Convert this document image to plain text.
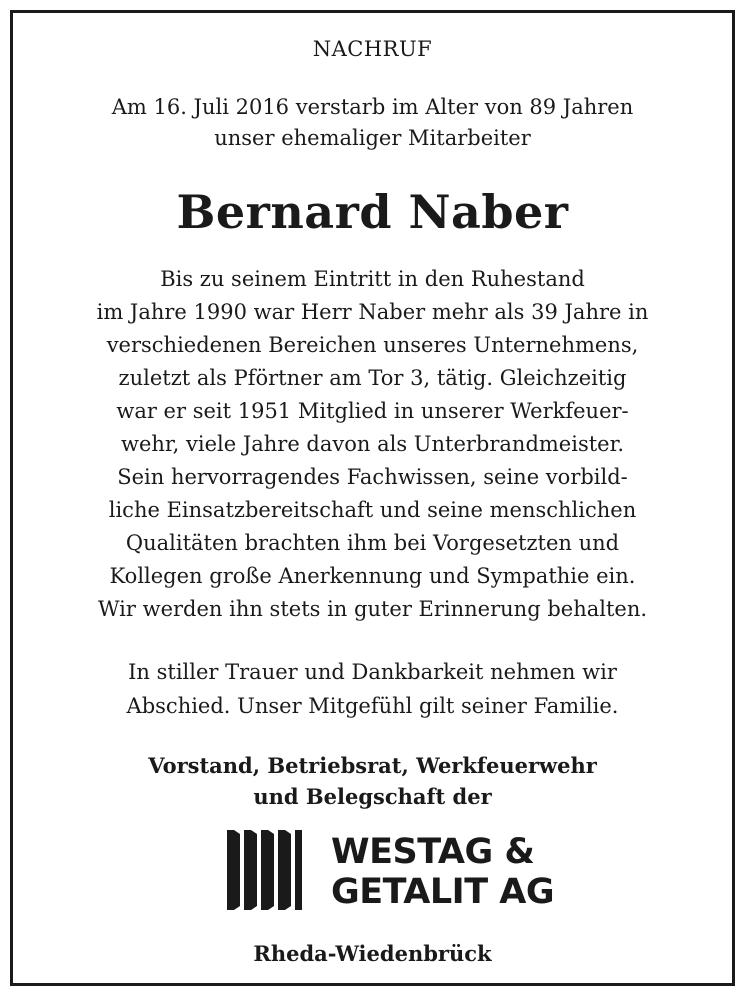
NACHRUF
Am 16. Juli 2016 verstarb im Alter von 89 Jahren
unser ehemaliger Mitarbeiter
Bernard Naber
Bis zu seinem Eintritt in den Ruhestand
im Jahre 1990 war Herr Naber mehr als 39 Jahre in
verschiedenen Bereichen unseres Unternehmens,
zuletzt als Pförtner am Tor 3, tätig. Gleichzeitig
war er seit 1951 Mitglied in unserer Werkfeuer-
wehr, viele Jahre davon als Unterbrandmeister.
Sein hervorragendes Fachwissen, seine vorbild-
liche Einsatzbereitschaft und seine menschlichen
Qualitäten brachten ihm bei Vorgesetzten und
Kollegen große Anerkennung und Sympathie ein.
Wir werden ihn stets in guter Erinnerung behalten.
In stiller Trauer und Dankbarkeit nehmen wir
Abschied. Unser Mitgefühl gilt seiner Familie.
Vorstand, Betriebsrat, Werkfeuerwehr
und Belegschaft der
WESTAG &
GETALIT AG
Rheda-Wiedenbrück
